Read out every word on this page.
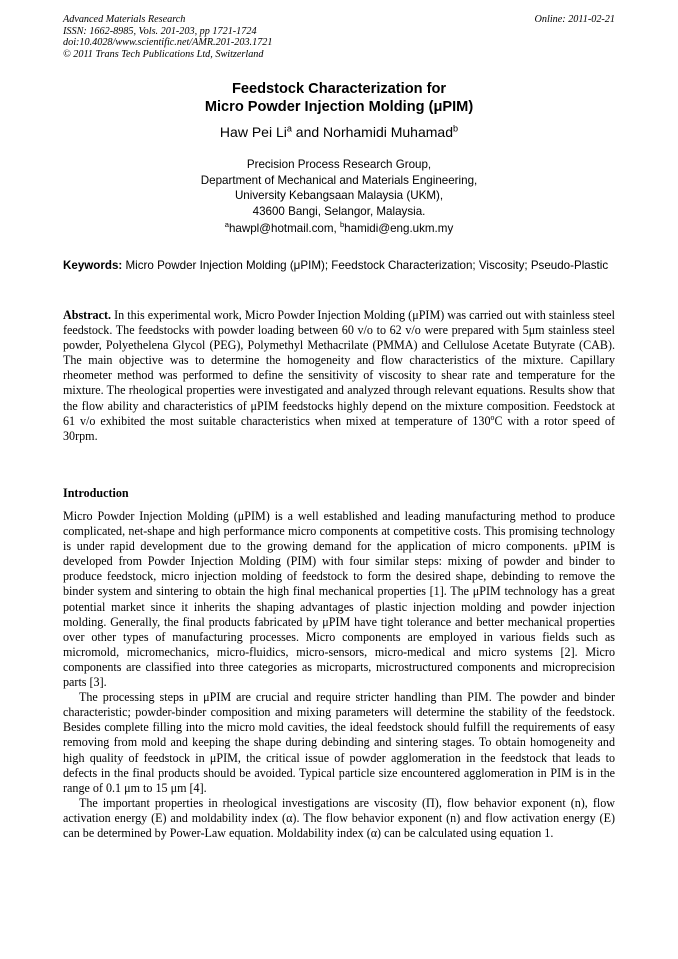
Advanced Materials Research
ISSN: 1662-8985, Vols. 201-203, pp 1721-1724
doi:10.4028/www.scientific.net/AMR.201-203.1721
© 2011 Trans Tech Publications Ltd, Switzerland
Online: 2011-02-21
Feedstock Characterization for
Micro Powder Injection Molding (μPIM)
Haw Pei Li$^a$ and Norhamidi Muhamad$^b$
Precision Process Research Group,
Department of Mechanical and Materials Engineering,
University Kebangsaan Malaysia (UKM),
43600 Bangi, Selangor, Malaysia.
$^a$hawpl@hotmail.com, $^b$hamidi@eng.ukm.my
Keywords: Micro Powder Injection Molding (μPIM); Feedstock Characterization; Viscosity; Pseudo-Plastic
Abstract. In this experimental work, Micro Powder Injection Molding (μPIM) was carried out with stainless steel feedstock. The feedstocks with powder loading between 60 v/o to 62 v/o were prepared with 5μm stainless steel powder, Polyethelena Glycol (PEG), Polymethyl Methacrilate (PMMA) and Cellulose Acetate Butyrate (CAB). The main objective was to determine the homogeneity and flow characteristics of the mixture. Capillary rheometer method was performed to define the sensitivity of viscosity to shear rate and temperature for the mixture. The rheological properties were investigated and analyzed through relevant equations. Results show that the flow ability and characteristics of μPIM feedstocks highly depend on the mixture composition. Feedstock at 61 v/o exhibited the most suitable characteristics when mixed at temperature of 130$^o$C with a rotor speed of 30rpm.
Introduction

Micro Powder Injection Molding (μPIM) is a well established and leading manufacturing method to produce complicated, net-shape and high performance micro components at competitive costs. This promising technology is under rapid development due to the growing demand for the application of micro components. μPIM is developed from Powder Injection Molding (PIM) with four similar steps: mixing of powder and binder to produce feedstock, micro injection molding of feedstock to form the desired shape, debinding to remove the binder system and sintering to obtain the high final mechanical properties [1]. The μPIM technology has a great potential market since it inherits the shaping advantages of plastic injection molding and powder injection molding. Generally, the final products fabricated by μPIM have tight tolerance and better mechanical properties over other types of manufacturing processes. Micro components are employed in various fields such as micromold, micromechanics, micro-fluidics, micro-sensors, micro-medical and micro systems [2]. Micro components are classified into three categories as microparts, microstructured components and microprecision parts [3].

The processing steps in μPIM are crucial and require stricter handling than PIM. The powder and binder characteristic; powder-binder composition and mixing parameters will determine the stability of the feedstock. Besides complete filling into the micro mold cavities, the ideal feedstock should fulfill the requirements of easy removing from mold and keeping the shape during debinding and sintering stages. To obtain homogeneity and high quality of feedstock in μPIM, the critical issue of powder agglomeration in the feedstock that leads to defects in the final products should be avoided. Typical particle size encountered agglomeration in PIM is in the range of 0.1 μm to 15 μm [4].

The important properties in rheological investigations are viscosity (Π), flow behavior exponent (n), flow activation energy (E) and moldability index (α). The flow behavior exponent (n) and flow activation energy (E) can be determined by Power-Law equation. Moldability index (α) can be calculated using equation 1.
